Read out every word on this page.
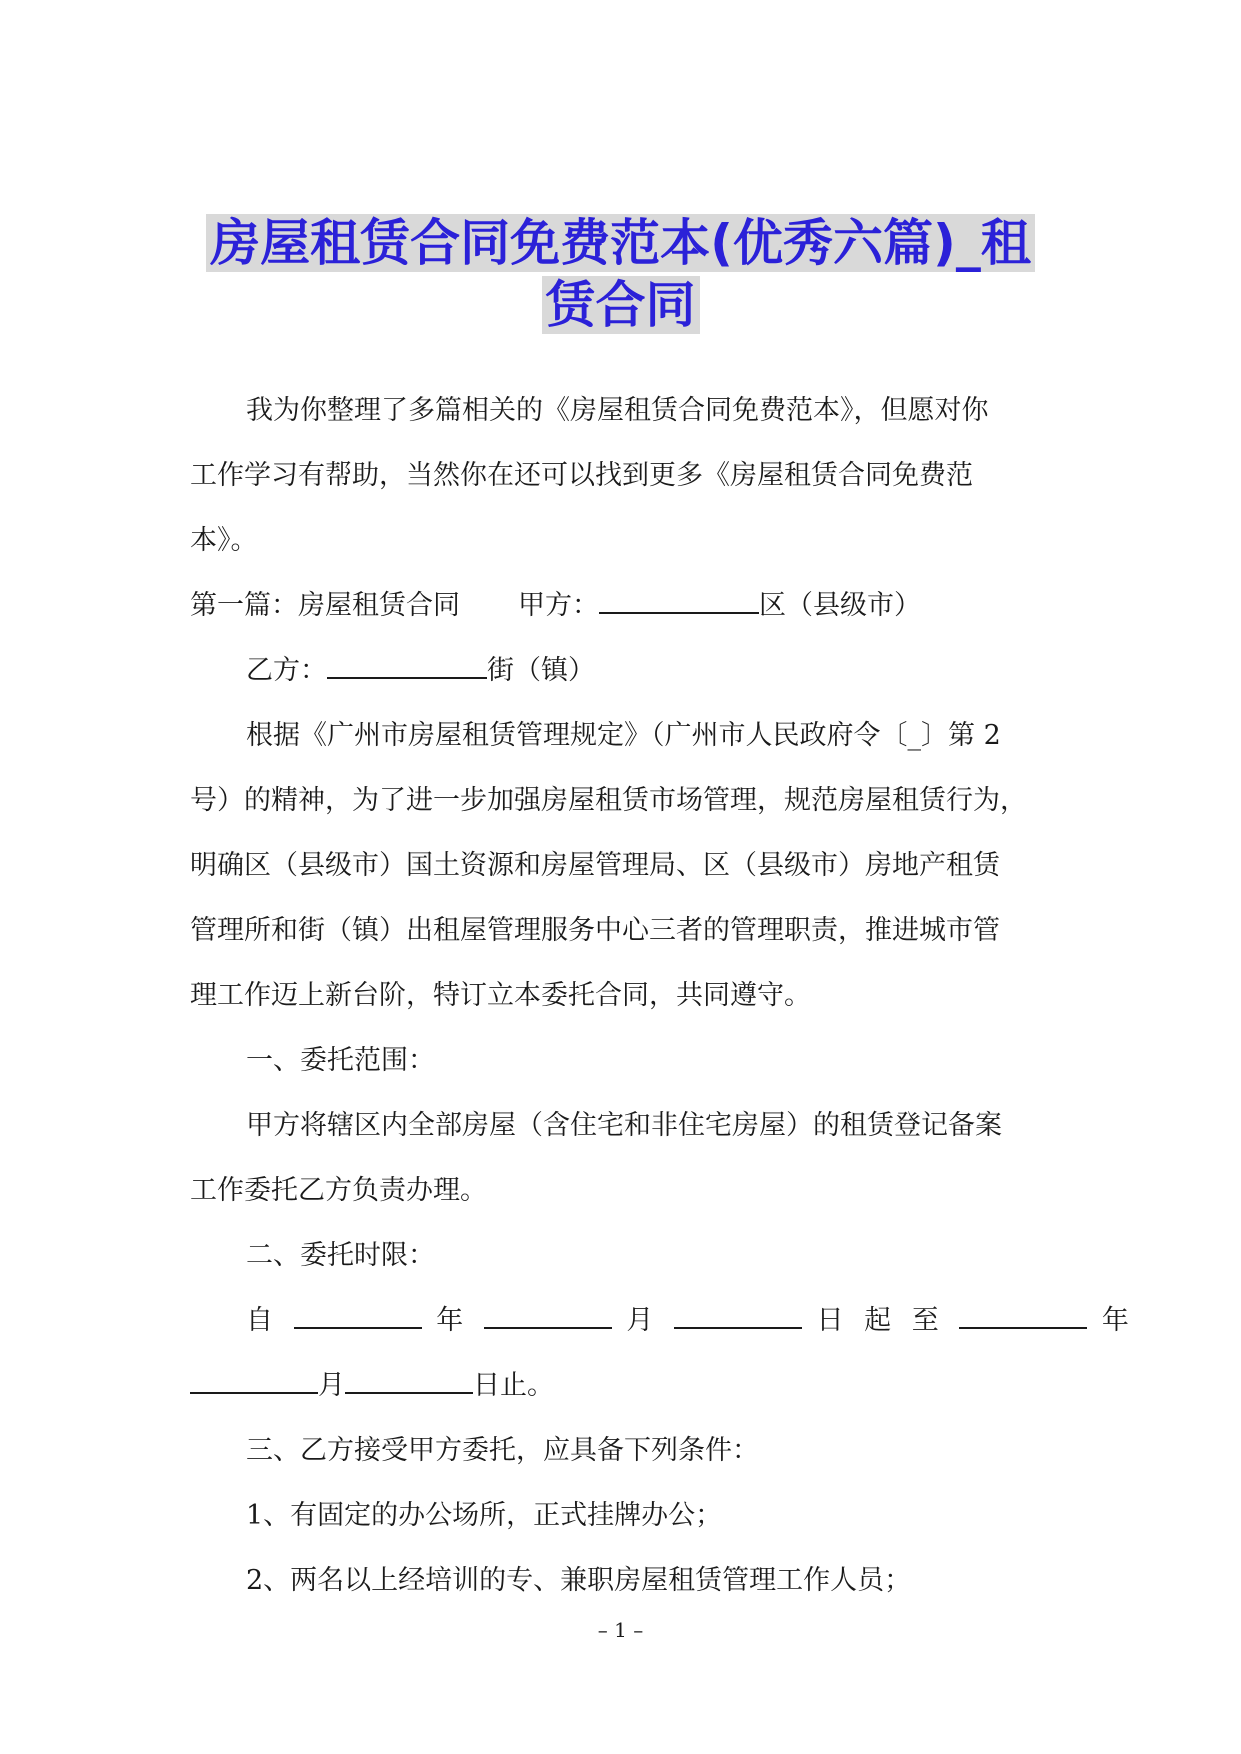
房屋租赁合同免费范本(优秀六篇)_租
赁合同

我为你整理了多篇相关的《房屋租赁合同免费范本》，但愿对你

工作学习有帮助，当然你在还可以找到更多《房屋租赁合同免费范

本》。

第一篇：房屋租赁合同 甲方：	区（县级市）

乙方：	街（镇）

根据《广州市房屋租赁管理规定》（广州市人民政府令〔_〕第 2

号）的精神，为了进一步加强房屋租赁市场管理，规范房屋租赁行为，

明确区（县级市）国土资源和房屋管理局、区（县级市）房地产租赁

管理所和街（镇）出租屋管理服务中心三者的管理职责，推进城市管

理工作迈上新台阶，特订立本委托合同，共同遵守。

一、委托范围：

甲方将辖区内全部房屋（含住宅和非住宅房屋）的租赁登记备案

工作委托乙方负责办理。

二、委托时限：

自	年	月	日 起 至	年

月	日止。

三、乙方接受甲方委托，应具备下列条件：

1、有固定的办公场所，正式挂牌办公；

2、两名以上经培训的专、兼职房屋租赁管理工作人员；

– 1 –
